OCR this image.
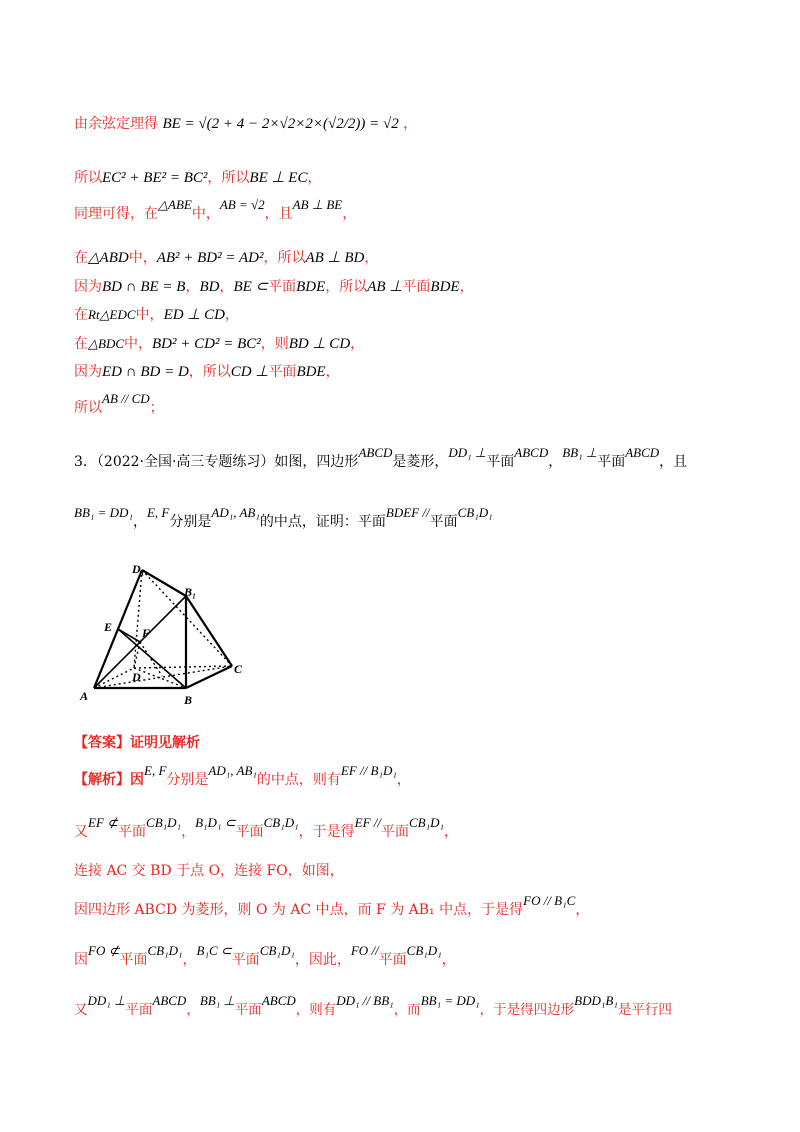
由余弦定理得 BE = √(2 + 4 − 2×√2×2×(√2/2)) = √2 ，
所以EC² + BE² = BC²，所以BE ⊥ EC，
同理可得，在△ABE中，AB = √2，且AB ⊥ BE，
在△ABD中，AB² + BD² = AD²，所以AB ⊥ BD，
因为BD ∩ BE = B，BD，BE ⊂平面BDE，所以AB ⊥平面BDE，
在Rt△EDC中，ED ⊥ CD，
在△BDC中，BD² + CD² = BC²，则BD ⊥ CD，
因为ED ∩ BD = D，所以CD ⊥平面BDE，
所以AB // CD；
3．（2022·全国·高三专题练习）如图，四边形ABCD是菱形，DD₁ ⊥平面ABCD，BB₁ ⊥平面ABCD，且
BB₁ = DD₁，E, F分别是AD₁, AB₁的中点，证明：平面BDEF //平面CB₁D₁
D₁
B₁
E F
C
D
A	B
【答案】证明见解析
【解析】因E, F分别是AD₁, AB₁的中点，则有EF // B₁D₁，
又EF ⊄平面CB₁D₁，B₁D₁ ⊂平面CB₁D₁，于是得EF //平面CB₁D₁，
连接 AC 交 BD 于点 O，连接 FO，如图，
因四边形 ABCD 为菱形，则 O 为 AC 中点，而 F 为 AB₁ 中点，于是得FO // B₁C，
因FO ⊄平面CB₁D₁，B₁C ⊂平面CB₁D₁，因此，FO //平面CB₁D₁，
又DD₁ ⊥平面ABCD，BB₁ ⊥平面ABCD，则有DD₁ // BB₁，而BB₁ = DD₁，于是得四边形BDD₁B₁是平行四
